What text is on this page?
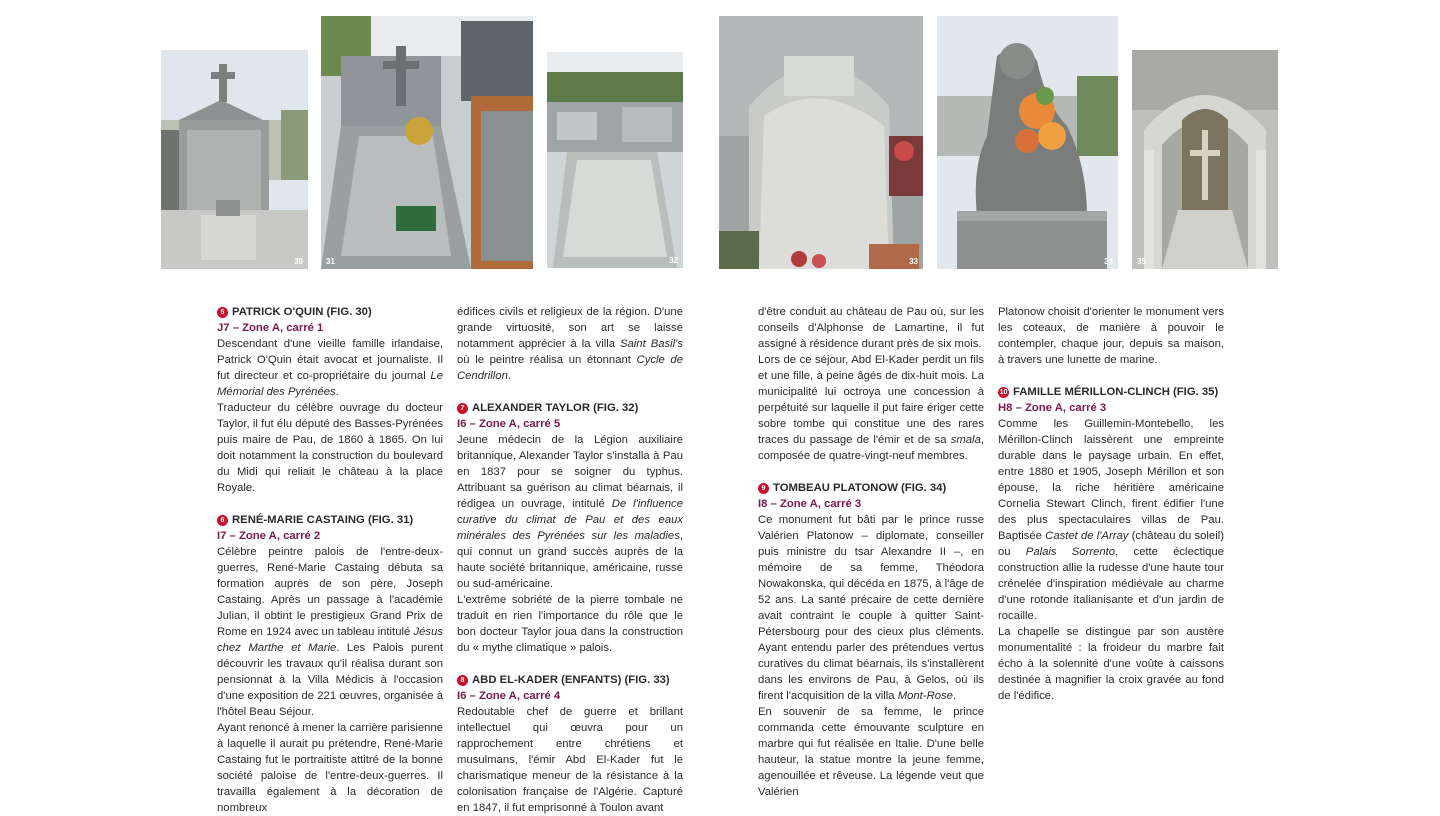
30	31	32	33	34	35
5 PATRICK O'QUIN (FIG. 30)

J7 – Zone A, carré 1

Descendant d'une vieille famille irlandaise, Patrick O'Quin était avocat et journaliste. Il fut directeur et co-propriétaire du journal Le Mémorial des Pyrénées.

Traducteur du célèbre ouvrage du docteur Taylor, il fut élu député des Basses-Pyrénées puis maire de Pau, de 1860 à 1865. On lui doit notamment la construction du boulevard du Midi qui reliait le château à la place Royale.

6 RENÉ-MARIE CASTAING (FIG. 31)

I7 – Zone A, carré 2

Célèbre peintre palois de l'entre-deux-guerres, René-Marie Castaing débuta sa formation auprès de son père, Joseph Castaing. Après un passage à l'académie Julian, il obtint le prestigieux Grand Prix de Rome en 1924 avec un tableau intitulé Jésus chez Marthe et Marie. Les Palois purent découvrir les travaux qu'il réalisa durant son pensionnat à la Villa Médicis à l'occasion d'une exposition de 221 œuvres, organisée à l'hôtel Beau Séjour.

Ayant renoncé à mener la carrière parisienne à laquelle il aurait pu prétendre, René-Marie Castaing fut le portraitiste attitré de la bonne société paloise de l'entre-deux-guerres. Il travailla également à la décoration de nombreux

édifices civils et religieux de la région. D'une grande virtuosité, son art se laisse notamment apprécier à la villa Saint Basil's où le peintre réalisa un étonnant Cycle de Cendrillon.

7 ALEXANDER TAYLOR (FIG. 32)

I6 – Zone A, carré 5

Jeune médecin de la Légion auxiliaire britannique, Alexander Taylor s'installa à Pau en 1837 pour se soigner du typhus. Attribuant sa guérison au climat béarnais, il rédigea un ouvrage, intitulé De l'influence curative du climat de Pau et des eaux minérales des Pyrénées sur les maladies, qui connut un grand succès auprès de la haute société britannique, américaine, russe ou sud-américaine.

L'extrême sobriété de la pierre tombale ne traduit en rien l'importance du rôle que le bon docteur Taylor joua dans la construction du « mythe climatique » palois.

8 ABD EL-KADER (ENFANTS) (FIG. 33)

I6 – Zone A, carré 4

Redoutable chef de guerre et brillant intellectuel qui œuvra pour un rapprochement entre chrétiens et musulmans, l'émir Abd El-Kader fut le charismatique meneur de la résistance à la colonisation française de l'Algérie. Capturé en 1847, il fut emprisonné à Toulon avant

d'être conduit au château de Pau où, sur les conseils d'Alphonse de Lamartine, il fut assigné à résidence durant près de six mois.

Lors de ce séjour, Abd El-Kader perdit un fils et une fille, à peine âgés de dix-huit mois. La municipalité lui octroya une concession à perpétuité sur laquelle il put faire ériger cette sobre tombe qui constitue une des rares traces du passage de l'émir et de sa smala, composée de quatre-vingt-neuf membres.

9 TOMBEAU PLATONOW (FIG. 34)

I8 – Zone A, carré 3

Ce monument fut bâti par le prince russe Valérien Platonow – diplomate, conseiller puis ministre du tsar Alexandre II –, en mémoire de sa femme, Théodora Nowakonska, qui décéda en 1875, à l'âge de 52 ans. La santé précaire de cette dernière avait contraint le couple à quitter Saint-Pétersbourg pour des cieux plus cléments. Ayant entendu parler des prétendues vertus curatives du climat béarnais, ils s'installèrent dans les environs de Pau, à Gelos, où ils firent l'acquisition de la villa Mont-Rose.

En souvenir de sa femme, le prince commanda cette émouvante sculpture en marbre qui fut réalisée en Italie. D'une belle hauteur, la statue montre la jeune femme, agenouillée et rêveuse. La légende veut que Valérien

Platonow choisit d'orienter le monument vers les coteaux, de manière à pouvoir le contempler, chaque jour, depuis sa maison, à travers une lunette de marine.

10 FAMILLE MÉRILLON-CLINCH (FIG. 35)

H8 – Zone A, carré 3

Comme les Guillemin-Montebello, les Mérillon-Clinch laissèrent une empreinte durable dans le paysage urbain. En effet, entre 1880 et 1905, Joseph Mérillon et son épouse, la riche héritière américaine Cornelia Stewart Clinch, firent édifier l'une des plus spectaculaires villas de Pau. Baptisée Castet de l'Array (château du soleil) ou Palais Sorrento, cette éclectique construction allie la rudesse d'une haute tour crénelée d'inspiration médiévale au charme d'une rotonde italianisante et d'un jardin de rocaille.

La chapelle se distingue par son austère monumentalité : la froideur du marbre fait écho à la solennité d'une voûte à caissons destinée à magnifier la croix gravée au fond de l'édifice.
